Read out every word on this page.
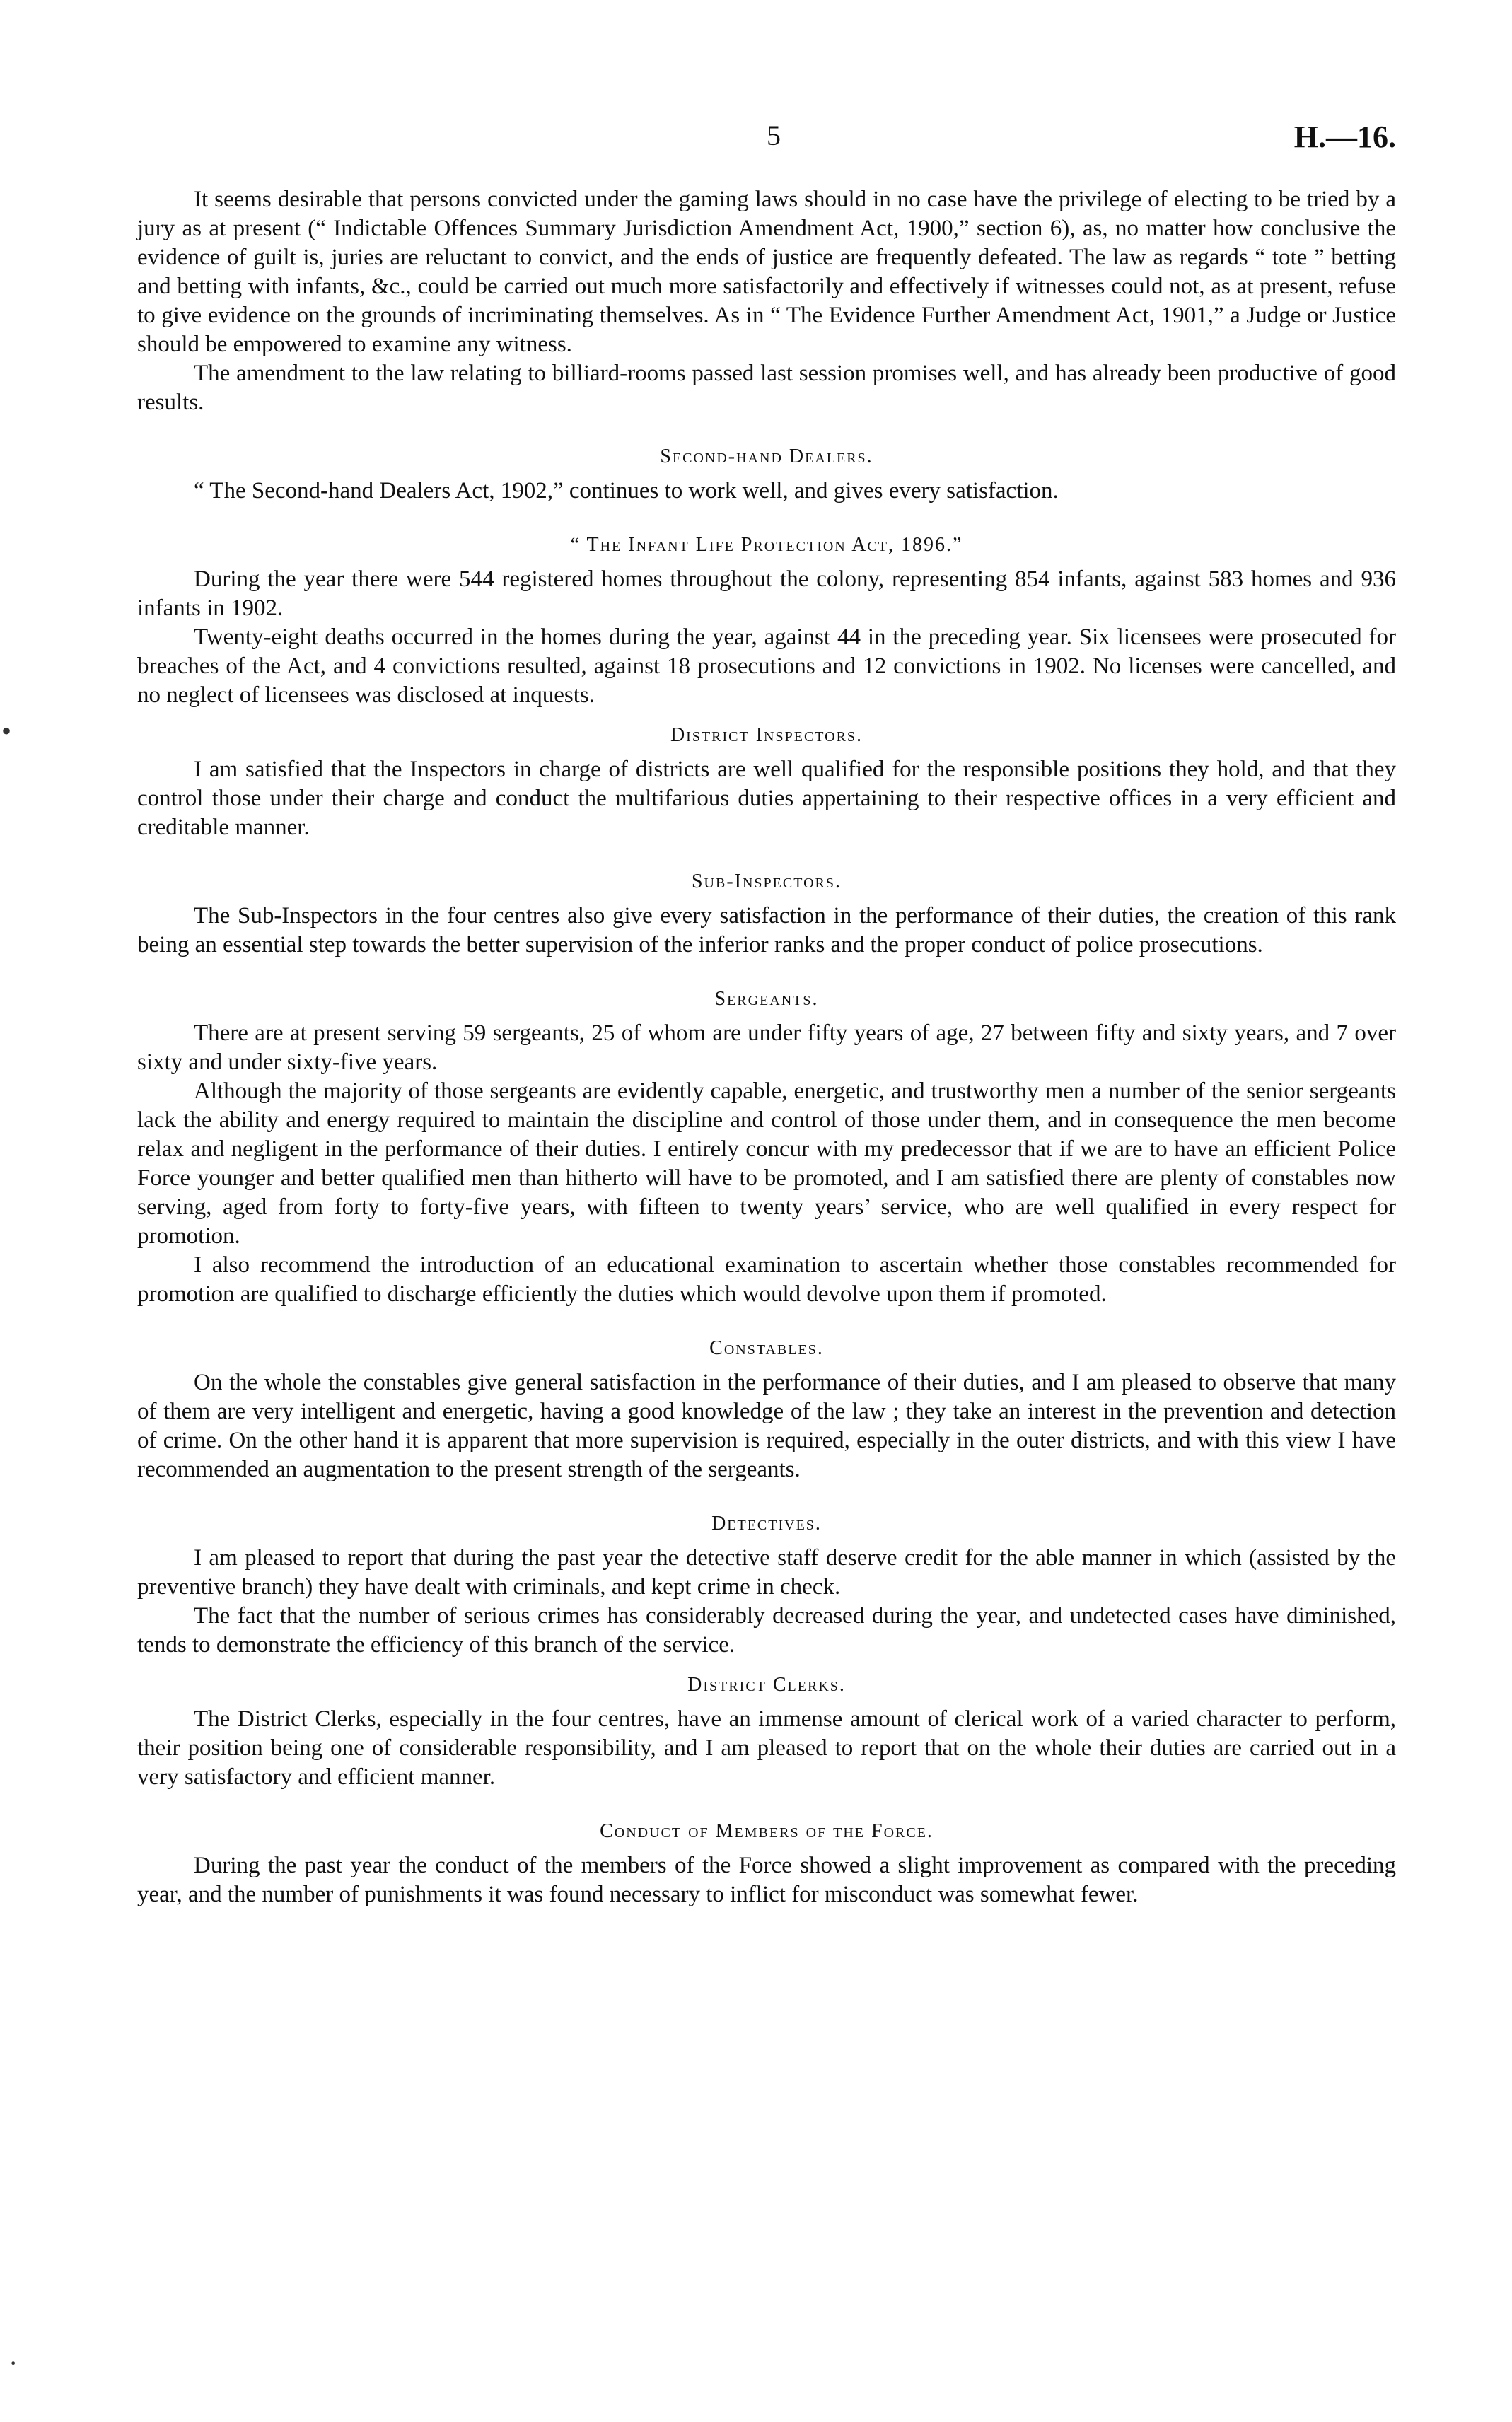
5	H.—16.
•
·

It seems desirable that persons convicted under the gaming laws should in no case have the privilege of electing to be tried by a jury as at present (“ Indictable Offences Summary Jurisdiction Amendment Act, 1900,” section 6), as, no matter how conclusive the evidence of guilt is, juries are reluctant to convict, and the ends of justice are frequently defeated. The law as regards “ tote ” betting and betting with infants, &c., could be carried out much more satisfactorily and effectively if witnesses could not, as at present, refuse to give evidence on the grounds of incriminating themselves. As in “ The Evidence Further Amendment Act, 1901,” a Judge or Justice should be empowered to examine any witness.

The amendment to the law relating to billiard-rooms passed last session promises well, and has already been productive of good results.

Second-hand Dealers.

“ The Second-hand Dealers Act, 1902,” continues to work well, and gives every satisfaction.

“ The Infant Life Protection Act, 1896.”

During the year there were 544 registered homes throughout the colony, representing 854 infants, against 583 homes and 936 infants in 1902.

Twenty-eight deaths occurred in the homes during the year, against 44 in the preceding year. Six licensees were prosecuted for breaches of the Act, and 4 convictions resulted, against 18 prosecutions and 12 convictions in 1902. No licenses were cancelled, and no neglect of licensees was disclosed at inquests.

District Inspectors.

I am satisfied that the Inspectors in charge of districts are well qualified for the responsible positions they hold, and that they control those under their charge and conduct the multifarious duties appertaining to their respective offices in a very efficient and creditable manner.

Sub-Inspectors.

The Sub-Inspectors in the four centres also give every satisfaction in the performance of their duties, the creation of this rank being an essential step towards the better supervision of the inferior ranks and the proper conduct of police prosecutions.

Sergeants.

There are at present serving 59 sergeants, 25 of whom are under fifty years of age, 27 between fifty and sixty years, and 7 over sixty and under sixty-five years.

Although the majority of those sergeants are evidently capable, energetic, and trustworthy men a number of the senior sergeants lack the ability and energy required to maintain the discipline and control of those under them, and in consequence the men become relax and negligent in the performance of their duties. I entirely concur with my predecessor that if we are to have an efficient Police Force younger and better qualified men than hitherto will have to be promoted, and I am satisfied there are plenty of constables now serving, aged from forty to forty-five years, with fifteen to twenty years’ service, who are well qualified in every respect for promotion.

I also recommend the introduction of an educational examination to ascertain whether those constables recommended for promotion are qualified to discharge efficiently the duties which would devolve upon them if promoted.

Constables.

On the whole the constables give general satisfaction in the performance of their duties, and I am pleased to observe that many of them are very intelligent and energetic, having a good knowledge of the law ; they take an interest in the prevention and detection of crime. On the other hand it is apparent that more supervision is required, especially in the outer districts, and with this view I have recommended an augmentation to the present strength of the sergeants.

Detectives.

I am pleased to report that during the past year the detective staff deserve credit for the able manner in which (assisted by the preventive branch) they have dealt with criminals, and kept crime in check.

The fact that the number of serious crimes has considerably decreased during the year, and undetected cases have diminished, tends to demonstrate the efficiency of this branch of the service.

District Clerks.

The District Clerks, especially in the four centres, have an immense amount of clerical work of a varied character to perform, their position being one of considerable responsibility, and I am pleased to report that on the whole their duties are carried out in a very satisfactory and efficient manner.

Conduct of Members of the Force.

During the past year the conduct of the members of the Force showed a slight improvement as compared with the preceding year, and the number of punishments it was found necessary to inflict for misconduct was somewhat fewer.
